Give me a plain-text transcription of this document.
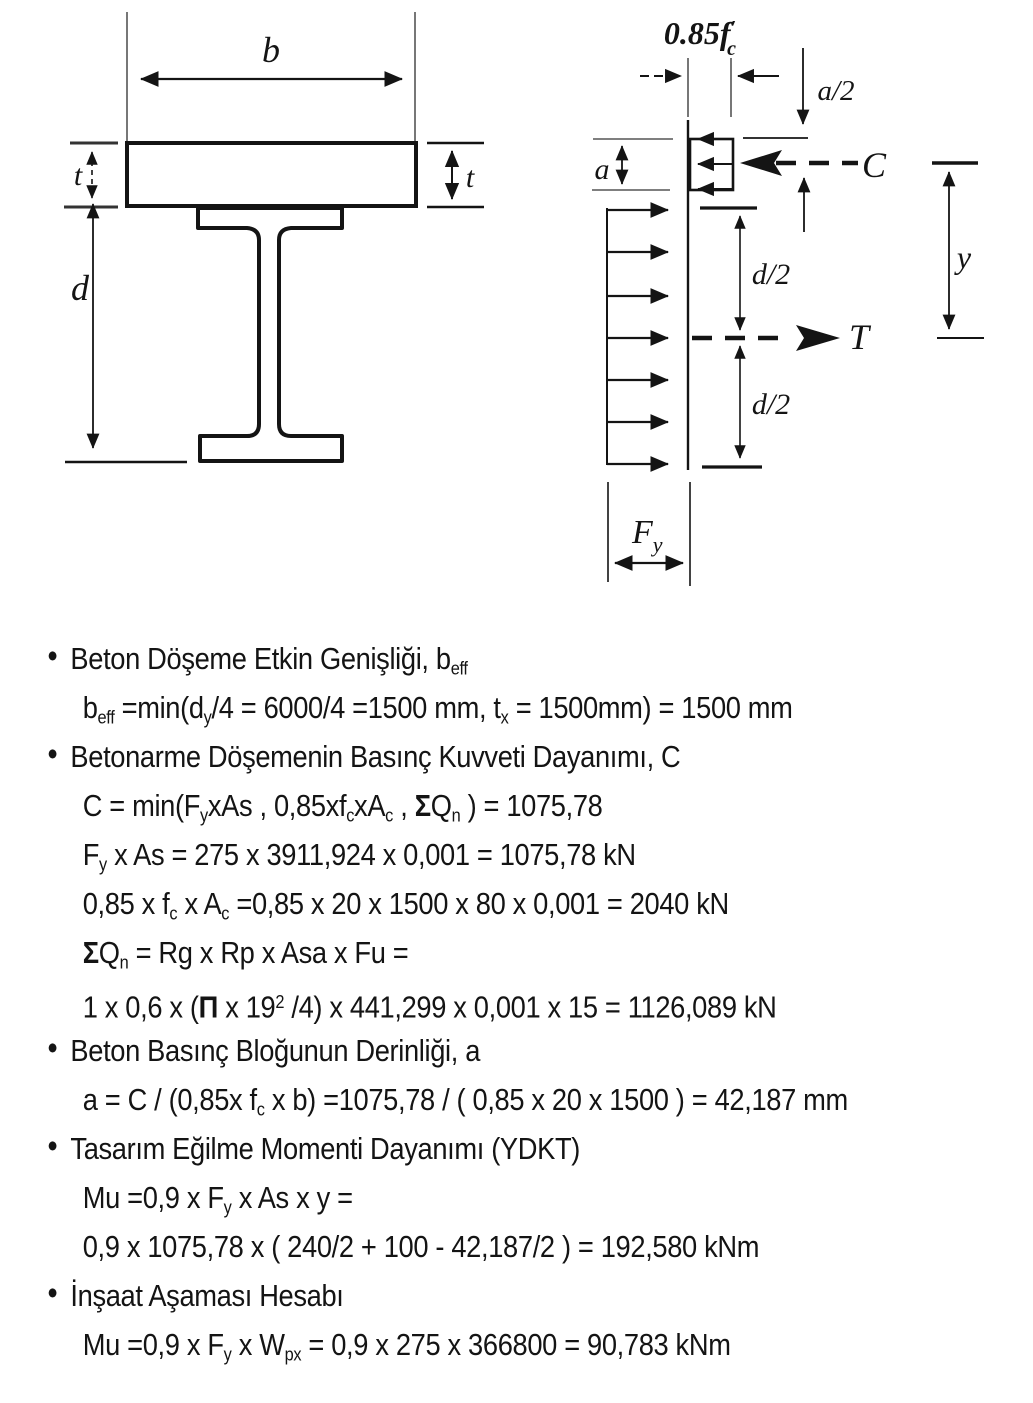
b
t	t
d
0.85f′ c
a/2
a	C
d/2
T
d/2
y
$F_y$
• Beton Döşeme Etkin Genişliği, $b_{eff}$
$b_{eff} =\min(d_y/4 = 6000/4 =1500$ mm, $t_x = 1500mm) = 1500$ mm
• Betonarme Döşemenin Basınç Kuvveti Dayanımı, C
$C = \min(F_yxAs$ , $0,85xf_cxA_c$ , $\Sigma Q_n$ ) = 1075,78
$F_y$ x As = 275 x 3911,924 x 0,001 = 1075,78 kN
0,85 x $f_c$ x $A_c =0,85$ x 20 x 1500 x 80 x 0,001 = 2040 kN
$\Sigma Q_n = Rg$ x Rp x Asa x Fu =
1 x 0,6 x (Π x $19^2$ /4) x 441,299 x 0,001 x 15 = 1126,089 kN
• Beton Basınç Bloğunun Derinliği, a
a = C / (0,85x $f_c$ x b) =1075,78 / ( 0,85 x 20 x 1500 ) = 42,187 mm
• Tasarım Eğilme Momenti Dayanımı (YDKT)
Mu =0,9 x $F_y$ x As x y =
0,9 x 1075,78 x ( 240/2 + 100 - 42,187/2 ) = 192,580 kNm
• İnşaat Aşaması Hesabı
Mu =0,9 x $F_y$ x $W_{px} = 0,9$ x 275 x 366800 = 90,783 kNm
